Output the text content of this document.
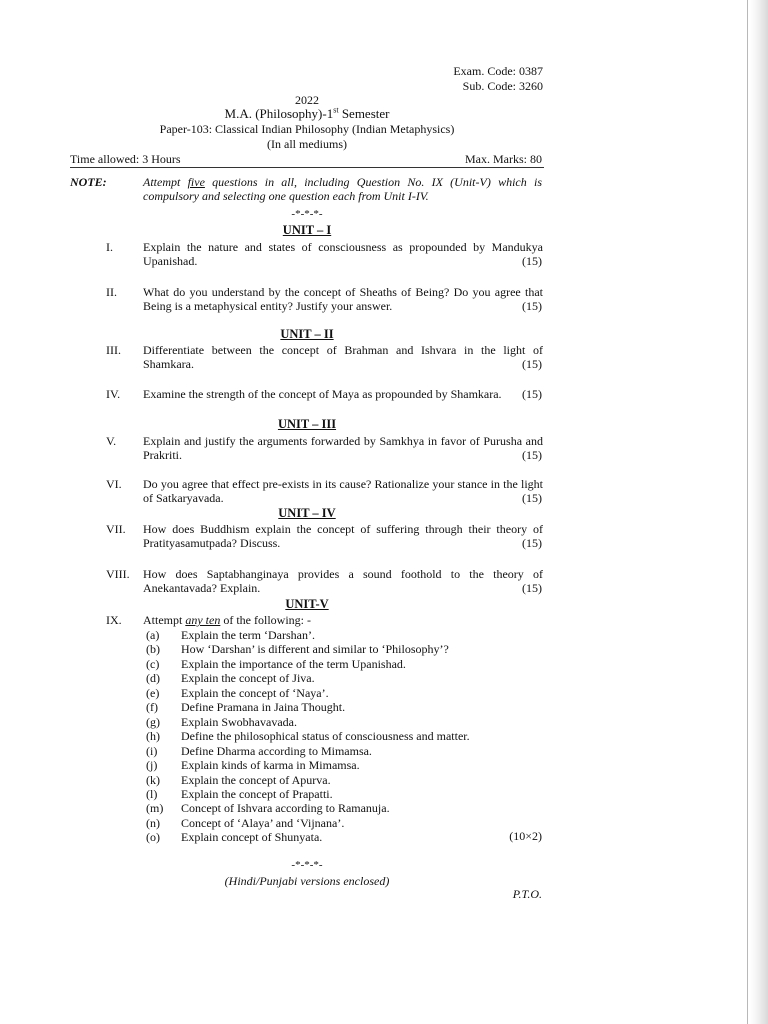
Exam. Code: 0387
Sub. Code: 3260
2022
M.A. (Philosophy)-1st Semester
Paper-103: Classical Indian Philosophy (Indian Metaphysics)
(In all mediums)
Time allowed: 3 Hours	Max. Marks: 80
NOTE:	Attempt five questions in all, including Question No. IX (Unit-V) which is compulsory and selecting one question each from Unit I-IV.
-*-*-*-
UNIT – I
I.	Explain the nature and states of consciousness as propounded by Mandukya Upanishad.	(15)
II. What do you understand by the concept of Sheaths of Being? Do you agree that Being is a metaphysical entity? Justify your answer.	(15)
UNIT – II
III. Differentiate between the concept of Brahman and Ishvara in the light of Shamkara.	(15)
IV. Examine the strength of the concept of Maya as propounded by Shamkara. (15)
UNIT – III
V. Explain and justify the arguments forwarded by Samkhya in favor of Purusha and Prakriti.	(15)
VI. Do you agree that effect pre-exists in its cause? Rationalize your stance in the light of Satkaryavada.	(15)
UNIT – IV
VII. How does Buddhism explain the concept of suffering through their theory of Pratityasamutpada? Discuss.	(15)
VIII. How does Saptabhanginaya provides a sound foothold to the theory of Anekantavada? Explain.	(15)
UNIT-V
IX. Attempt any ten of the following: -
(a) Explain the term ‘Darshan’.
(b) How ‘Darshan’ is different and similar to ‘Philosophy’?
(c) Explain the importance of the term Upanishad.
(d) Explain the concept of Jiva.
(e) Explain the concept of ‘Naya’.
(f) Define Pramana in Jaina Thought.
(g) Explain Swobhavavada.
(h) Define the philosophical status of consciousness and matter.
(i) Define Dharma according to Mimamsa.
(j) Explain kinds of karma in Mimamsa.
(k) Explain the concept of Apurva.
(l) Explain the concept of Prapatti.
(m) Concept of Ishvara according to Ramanuja.
(n) Concept of ‘Alaya’ and ‘Vijnana’.
(o) Explain concept of Shunyata.	(10×2)
-*-*-*-
(Hindi/Punjabi versions enclosed)
P.T.O.
